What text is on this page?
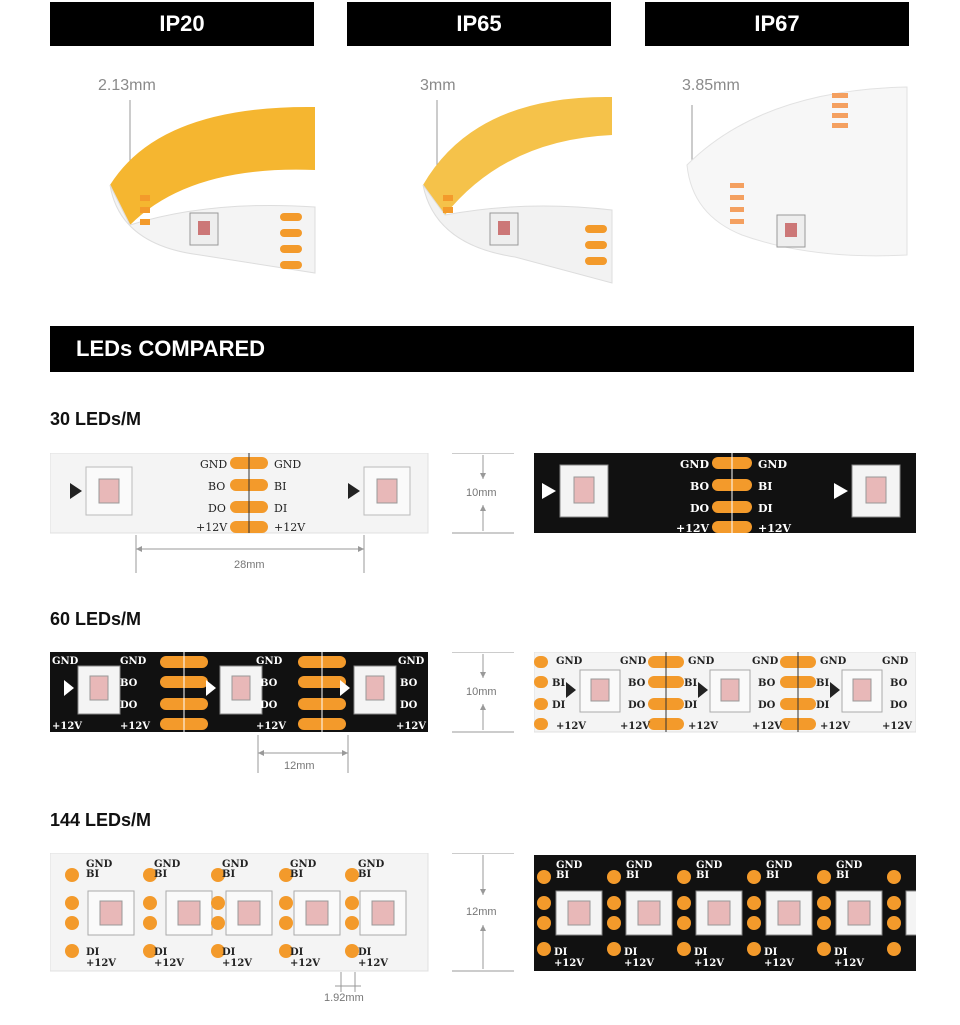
IP20	IP65	IP67
2.13mm	3mm	3.85mm
LEDs COMPARED
30 LEDs/M
60 LEDs/M
144 LEDs/M
GND	GND
BO	BI
DO	DI
+12V	+12V
28mm
10mm
GND	GND
BO	BI
DO	DI
+12V	+12V
GND	GND
BO
DO
+12V
GND
BO
DO
+12V
GND
BO
DO
+12V
+12V
12mm
10mm
GND
BI
DI
+12V
GND
BO
DO
+12V
GND
BI
DI
+12V
GND
BO
DO
+12V
GND
BI
DI
+12V
GND
BO
DO
+12V
GND
BI
GND
BI
GND
BI
GND
BI
GND
BI
DI
+12V
DI
+12V
DI
+12V
DI
+12V
DI
+12V
1.92mm
12mm
GND
BI
GND
BI
GND
BI
GND
BI
GND
BI
DI
+12V
DI
+12V
DI
+12V
DI
+12V
DI
+12V
